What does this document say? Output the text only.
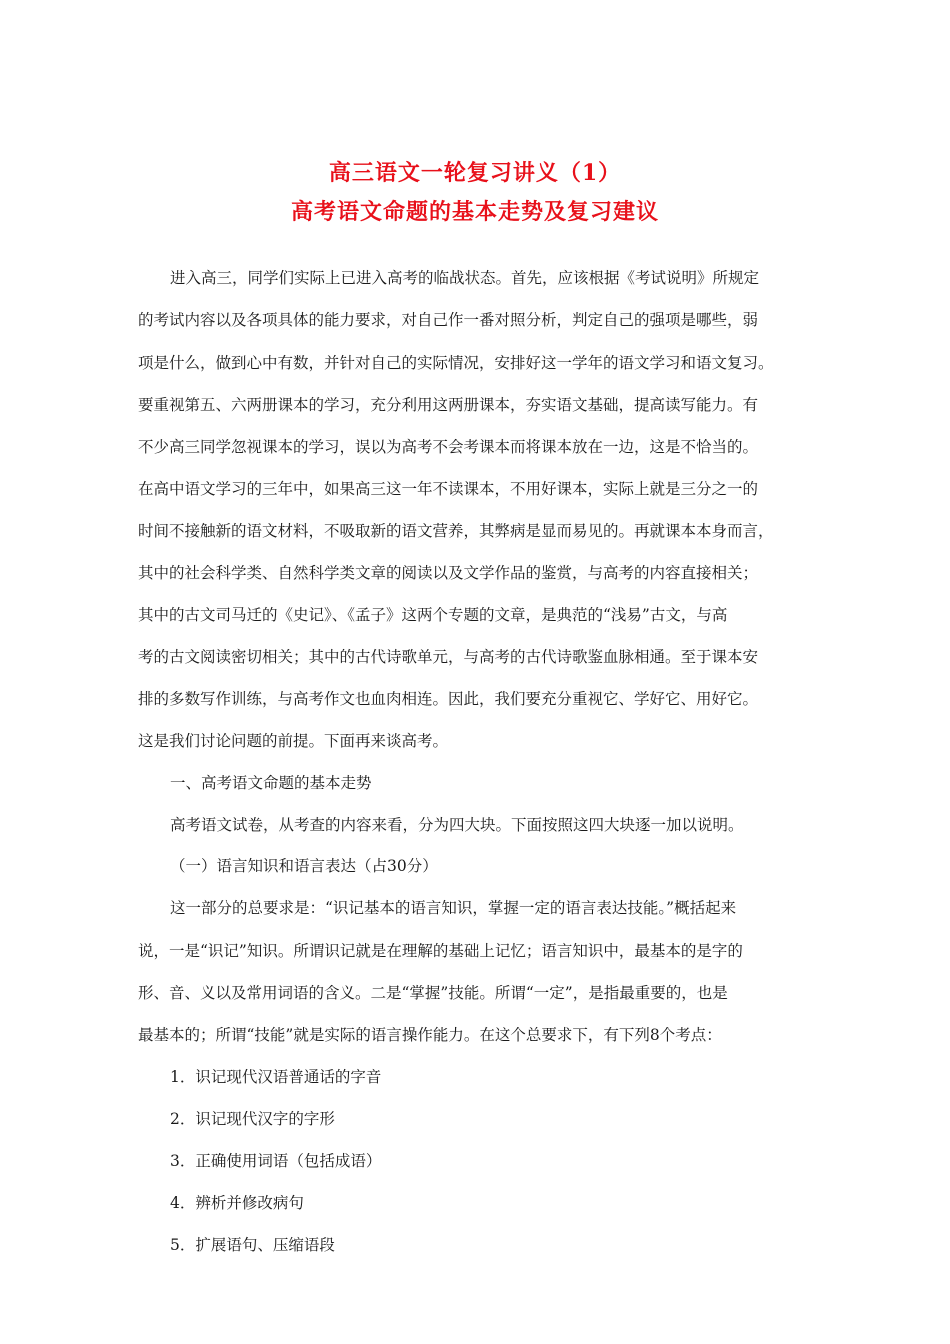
高三语文一轮复习讲义（1）
高考语文命题的基本走势及复习建议
进入高三，同学们实际上已进入高考的临战状态。首先，应该根据《考试说明》所规定
的考试内容以及各项具体的能力要求，对自己作一番对照分析，判定自己的强项是哪些，弱
项是什么，做到心中有数，并针对自己的实际情况，安排好这一学年的语文学习和语文复习。
要重视第五、六两册课本的学习，充分利用这两册课本，夯实语文基础，提高读写能力。有
不少高三同学忽视课本的学习，误以为高考不会考课本而将课本放在一边，这是不恰当的。
在高中语文学习的三年中，如果高三这一年不读课本，不用好课本，实际上就是三分之一的
时间不接触新的语文材料，不吸取新的语文营养，其弊病是显而易见的。再就课本本身而言，
其中的社会科学类、自然科学类文章的阅读以及文学作品的鉴赏，与高考的内容直接相关；
其中的古文司马迁的《史记》、《孟子》这两个专题的文章，是典范的“浅易”古文，与高
考的古文阅读密切相关；其中的古代诗歌单元，与高考的古代诗歌鉴血脉相通。至于课本安
排的多数写作训练，与高考作文也血肉相连。因此，我们要充分重视它、学好它、用好它。
这是我们讨论问题的前提。下面再来谈高考。
一、高考语文命题的基本走势
高考语文试卷，从考查的内容来看，分为四大块。下面按照这四大块逐一加以说明。
（一）语言知识和语言表达（占30分）
这一部分的总要求是：“识记基本的语言知识，掌握一定的语言表达技能。”概括起来
说，一是“识记”知识。所谓识记就是在理解的基础上记忆；语言知识中，最基本的是字的
形、音、义以及常用词语的含义。二是“掌握”技能。所谓“一定”，是指最重要的，也是
最基本的；所谓“技能”就是实际的语言操作能力。在这个总要求下，有下列8个考点：
1．识记现代汉语普通话的字音
2．识记现代汉字的字形
3．正确使用词语（包括成语）
4．辨析并修改病句
5．扩展语句、压缩语段
